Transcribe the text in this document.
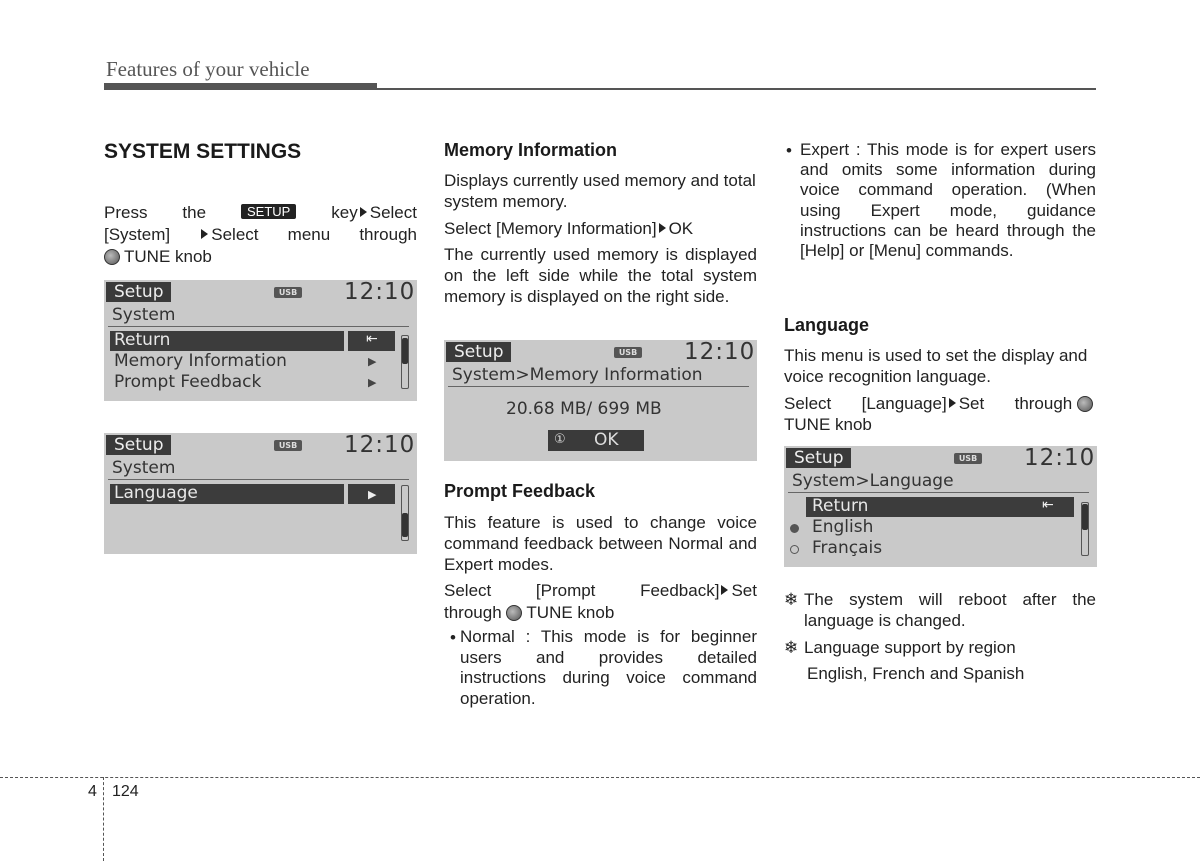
Features of your vehicle
SYSTEM SETTINGS
Press the	SETUP	key Select
[System]	Select menu through
TUNE knob
Setup	USB 12:10
System
⇤
Return
Memory Information	▶
Prompt Feedback	▶
Setup	USB 12:10
System
▶
Language
Memory Information
Displays currently used memory and total system memory.
Select [Memory Information] OK
The currently used memory is displayed on the left side while the total system memory is displayed on the right side.
Setup	USB 12:10
System>Memory Information
20.68 MB/ 699 MB
① OK
Prompt Feedback
This feature is used to change voice command feedback between Normal and Expert modes.
Select	[Prompt	Feedback] Set
through TUNE knob
• Normal : This mode is for beginner users and provides detailed instructions during voice command operation.
• Expert : This mode is for expert users and omits some information during voice command operation. (When using Expert mode, guidance instructions can be heard through the [Help] or [Menu] commands.
Language
This menu is used to set the display and voice recognition language.
Select [Language] Set through
TUNE knob
Setup	USB 12:10
System>Language
⇤
Return
English
Français
❄ The system will reboot after the language is changed.
❄ Language support by region
English, French and Spanish
4 124
